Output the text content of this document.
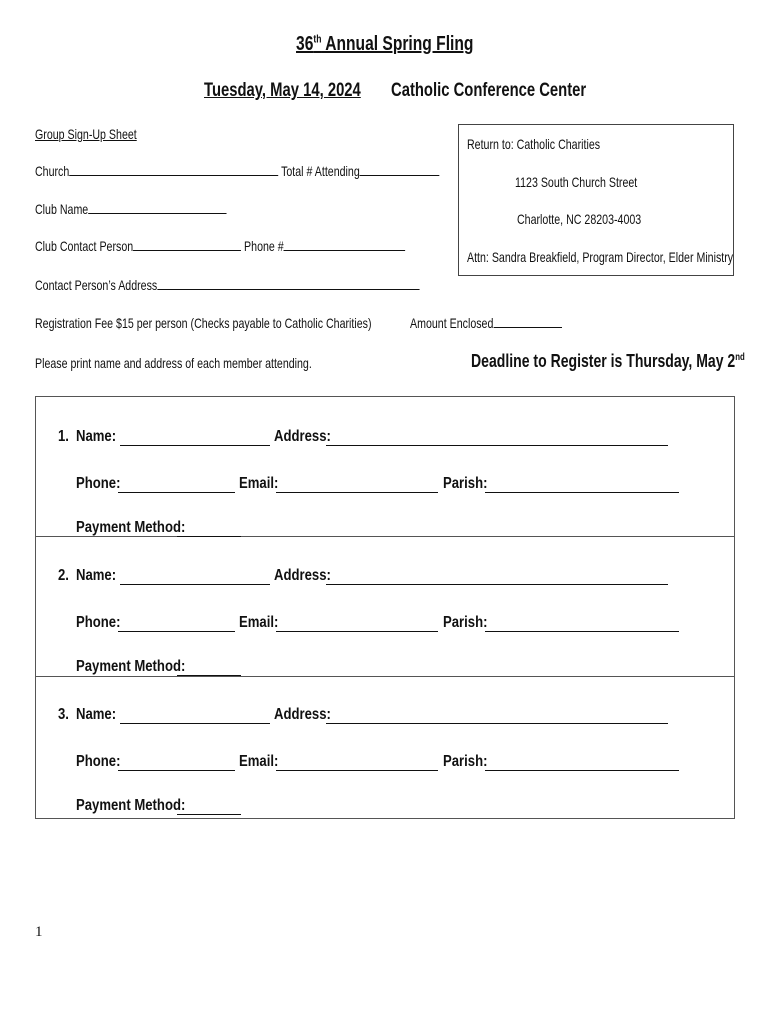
36th Annual Spring Fling
Tuesday, May 14, 2024 Catholic Conference Center
Group Sign-Up Sheet
Church	Total # Attending
Club Name
Club Contact Person	Phone #
Contact Person’s Address
Registration Fee $15 per person (Checks payable to Catholic Charities)	Amount Enclosed
Please print name and address of each member attending.	Deadline to Register is Thursday, May 2nd
Return to: Catholic Charities
1123 South Church Street
Charlotte, NC 28203-4003
Attn: Sandra Breakfield, Program Director, Elder Ministry
1. Name:	Address:
Phone:	Email:	Parish:
Payment Method:
2. Name:	Address:
Phone:	Email:	Parish:
Payment Method:
3. Name:	Address:
Phone:	Email:	Parish:
Payment Method:
1
